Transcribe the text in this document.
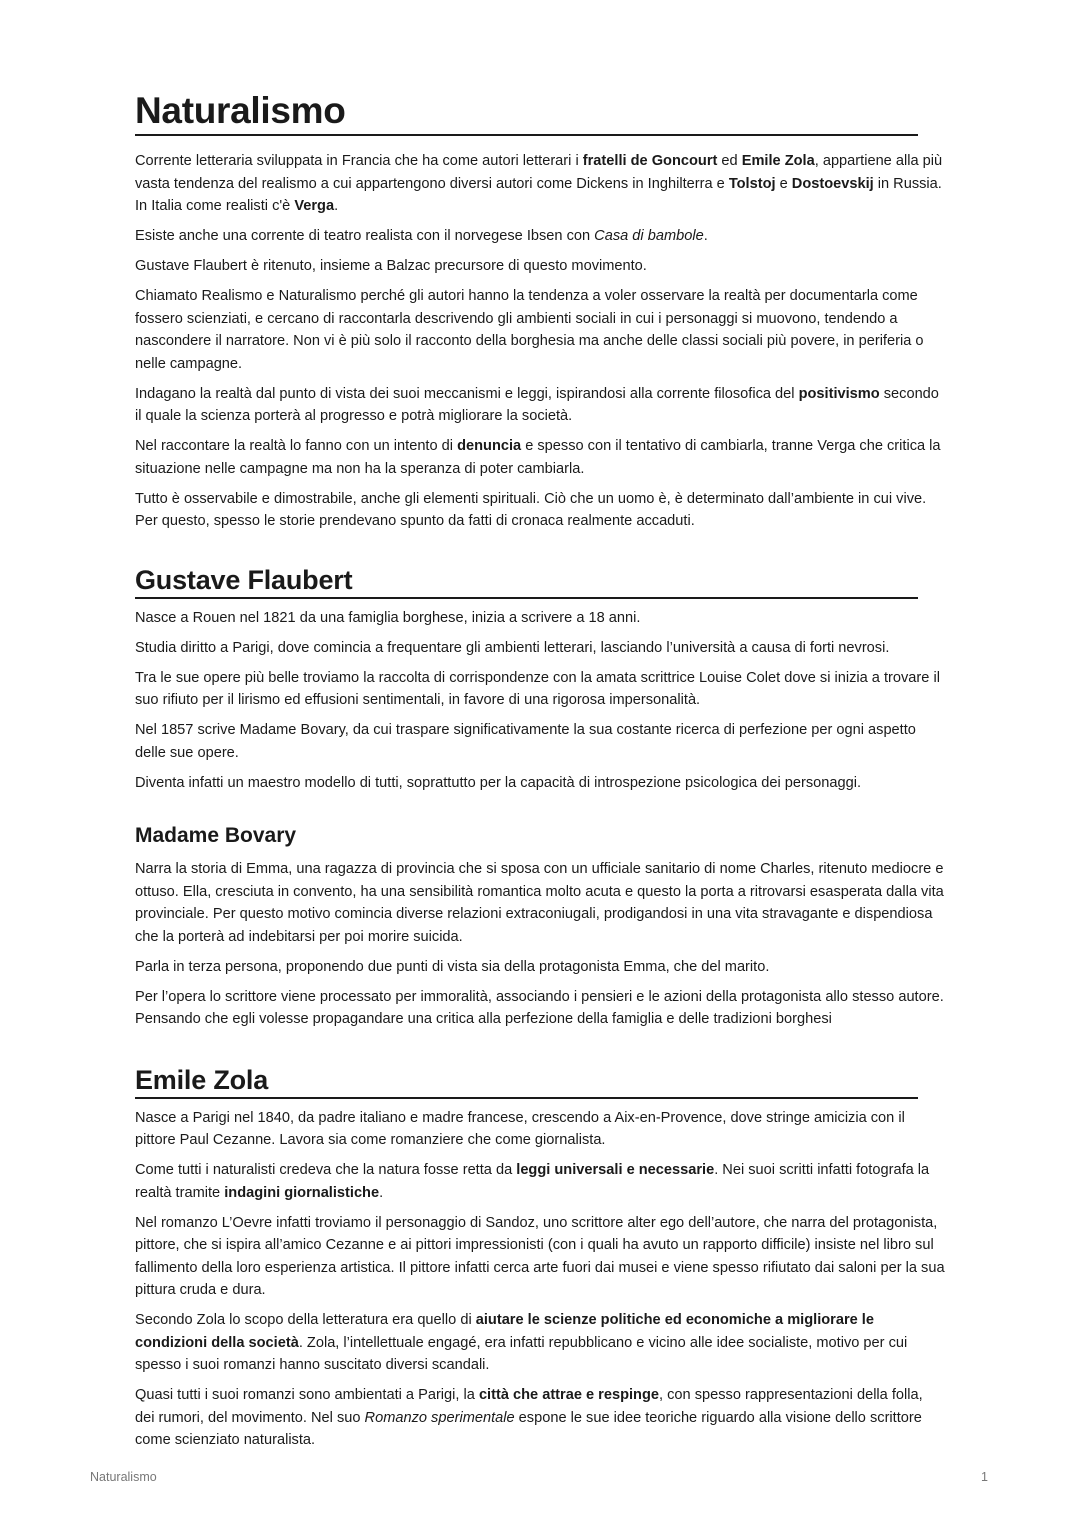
Naturalismo

Corrente letteraria sviluppata in Francia che ha come autori letterari i fratelli de Goncourt ed Emile Zola, appartiene alla più vasta tendenza del realismo a cui appartengono diversi autori come Dickens in Inghilterra e Tolstoj e Dostoevskij in Russia. In Italia come realisti c'è Verga.

Esiste anche una corrente di teatro realista con il norvegese Ibsen con Casa di bambole.

Gustave Flaubert è ritenuto, insieme a Balzac precursore di questo movimento.

Chiamato Realismo e Naturalismo perché gli autori hanno la tendenza a voler osservare la realtà per documentarla come fossero scienziati, e cercano di raccontarla descrivendo gli ambienti sociali in cui i personaggi si muovono, tendendo a nascondere il narratore. Non vi è più solo il racconto della borghesia ma anche delle classi sociali più povere, in periferia o nelle campagne.

Indagano la realtà dal punto di vista dei suoi meccanismi e leggi, ispirandosi alla corrente filosofica del positivismo secondo il quale la scienza porterà al progresso e potrà migliorare la società.

Nel raccontare la realtà lo fanno con un intento di denuncia e spesso con il tentativo di cambiarla, tranne Verga che critica la situazione nelle campagne ma non ha la speranza di poter cambiarla.

Tutto è osservabile e dimostrabile, anche gli elementi spirituali. Ciò che un uomo è, è determinato dall’ambiente in cui vive. Per questo, spesso le storie prendevano spunto da fatti di cronaca realmente accaduti.

Gustave Flaubert

Nasce a Rouen nel 1821 da una famiglia borghese, inizia a scrivere a 18 anni.

Studia diritto a Parigi, dove comincia a frequentare gli ambienti letterari, lasciando l’università a causa di forti nevrosi.

Tra le sue opere più belle troviamo la raccolta di corrispondenze con la amata scrittrice Louise Colet dove si inizia a trovare il suo rifiuto per il lirismo ed effusioni sentimentali, in favore di una rigorosa impersonalità.

Nel 1857 scrive Madame Bovary, da cui traspare significativamente la sua costante ricerca di perfezione per ogni aspetto delle sue opere.

Diventa infatti un maestro modello di tutti, soprattutto per la capacità di introspezione psicologica dei personaggi.

Madame Bovary

Narra la storia di Emma, una ragazza di provincia che si sposa con un ufficiale sanitario di nome Charles, ritenuto mediocre e ottuso. Ella, cresciuta in convento, ha una sensibilità romantica molto acuta e questo la porta a ritrovarsi esasperata dalla vita provinciale. Per questo motivo comincia diverse relazioni extraconiugali, prodigandosi in una vita stravagante e dispendiosa che la porterà ad indebitarsi per poi morire suicida.

Parla in terza persona, proponendo due punti di vista sia della protagonista Emma, che del marito.

Per l’opera lo scrittore viene processato per immoralità, associando i pensieri e le azioni della protagonista allo stesso autore. Pensando che egli volesse propagandare una critica alla perfezione della famiglia e delle tradizioni borghesi

Emile Zola

Nasce a Parigi nel 1840, da padre italiano e madre francese, crescendo a Aix-en-Provence, dove stringe amicizia con il pittore Paul Cezanne. Lavora sia come romanziere che come giornalista.

Come tutti i naturalisti credeva che la natura fosse retta da leggi universali e necessarie. Nei suoi scritti infatti fotografa la realtà tramite indagini giornalistiche.

Nel romanzo L’Oevre infatti troviamo il personaggio di Sandoz, uno scrittore alter ego dell’autore, che narra del protagonista, pittore, che si ispira all’amico Cezanne e ai pittori impressionisti (con i quali ha avuto un rapporto difficile) insiste nel libro sul fallimento della loro esperienza artistica. Il pittore infatti cerca arte fuori dai musei e viene spesso rifiutato dai saloni per la sua pittura cruda e dura.

Secondo Zola lo scopo della letteratura era quello di aiutare le scienze politiche ed economiche a migliorare le condizioni della società. Zola, l’intellettuale engagé, era infatti repubblicano e vicino alle idee socialiste, motivo per cui spesso i suoi romanzi hanno suscitato diversi scandali.

Quasi tutti i suoi romanzi sono ambientati a Parigi, la città che attrae e respinge, con spesso rappresentazioni della folla, dei rumori, del movimento. Nel suo Romanzo sperimentale espone le sue idee teoriche riguardo alla visione dello scrittore come scienziato naturalista.

Naturalismo	1
